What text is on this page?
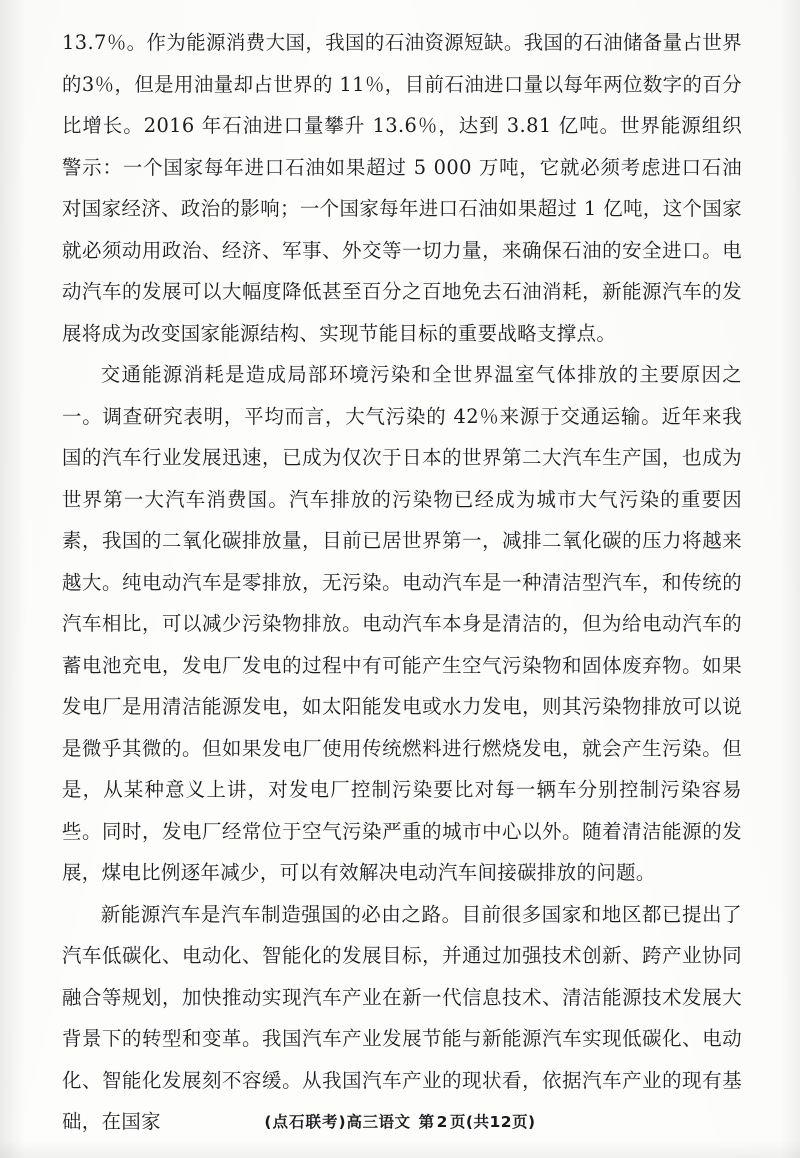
13.7％。作为能源消费大国，我国的石油资源短缺。我国的石油储备量占世界的3％，但是用油量却占世界的 11％，目前石油进口量以每年两位数字的百分比增长。2016 年石油进口量攀升 13.6％，达到 3.81 亿吨。世界能源组织警示：一个国家每年进口石油如果超过 5 000 万吨，它就必须考虑进口石油对国家经济、政治的影响；一个国家每年进口石油如果超过 1 亿吨，这个国家就必须动用政治、经济、军事、外交等一切力量，来确保石油的安全进口。电动汽车的发展可以大幅度降低甚至百分之百地免去石油消耗，新能源汽车的发展将成为改变国家能源结构、实现节能目标的重要战略支撑点。

交通能源消耗是造成局部环境污染和全世界温室气体排放的主要原因之一。调查研究表明，平均而言，大气污染的 42％来源于交通运输。近年来我国的汽车行业发展迅速，已成为仅次于日本的世界第二大汽车生产国，也成为世界第一大汽车消费国。汽车排放的污染物已经成为城市大气污染的重要因素，我国的二氧化碳排放量，目前已居世界第一，减排二氧化碳的压力将越来越大。纯电动汽车是零排放，无污染。电动汽车是一种清洁型汽车，和传统的汽车相比，可以减少污染物排放。电动汽车本身是清洁的，但为给电动汽车的蓄电池充电，发电厂发电的过程中有可能产生空气污染物和固体废弃物。如果发电厂是用清洁能源发电，如太阳能发电或水力发电，则其污染物排放可以说是微乎其微的。但如果发电厂使用传统燃料进行燃烧发电，就会产生污染。但是，从某种意义上讲，对发电厂控制污染要比对每一辆车分别控制污染容易些。同时，发电厂经常位于空气污染严重的城市中心以外。随着清洁能源的发展，煤电比例逐年减少，可以有效解决电动汽车间接碳排放的问题。

新能源汽车是汽车制造强国的必由之路。目前很多国家和地区都已提出了汽车低碳化、电动化、智能化的发展目标，并通过加强技术创新、跨产业协同融合等规划，加快推动实现汽车产业在新一代信息技术、清洁能源技术发展大背景下的转型和变革。我国汽车产业发展节能与新能源汽车实现低碳化、电动化、智能化发展刻不容缓。从我国汽车产业的现状看，依据汽车产业的现有基础，在国家	(点石联考)高三语文 第 2 页(共12页)
